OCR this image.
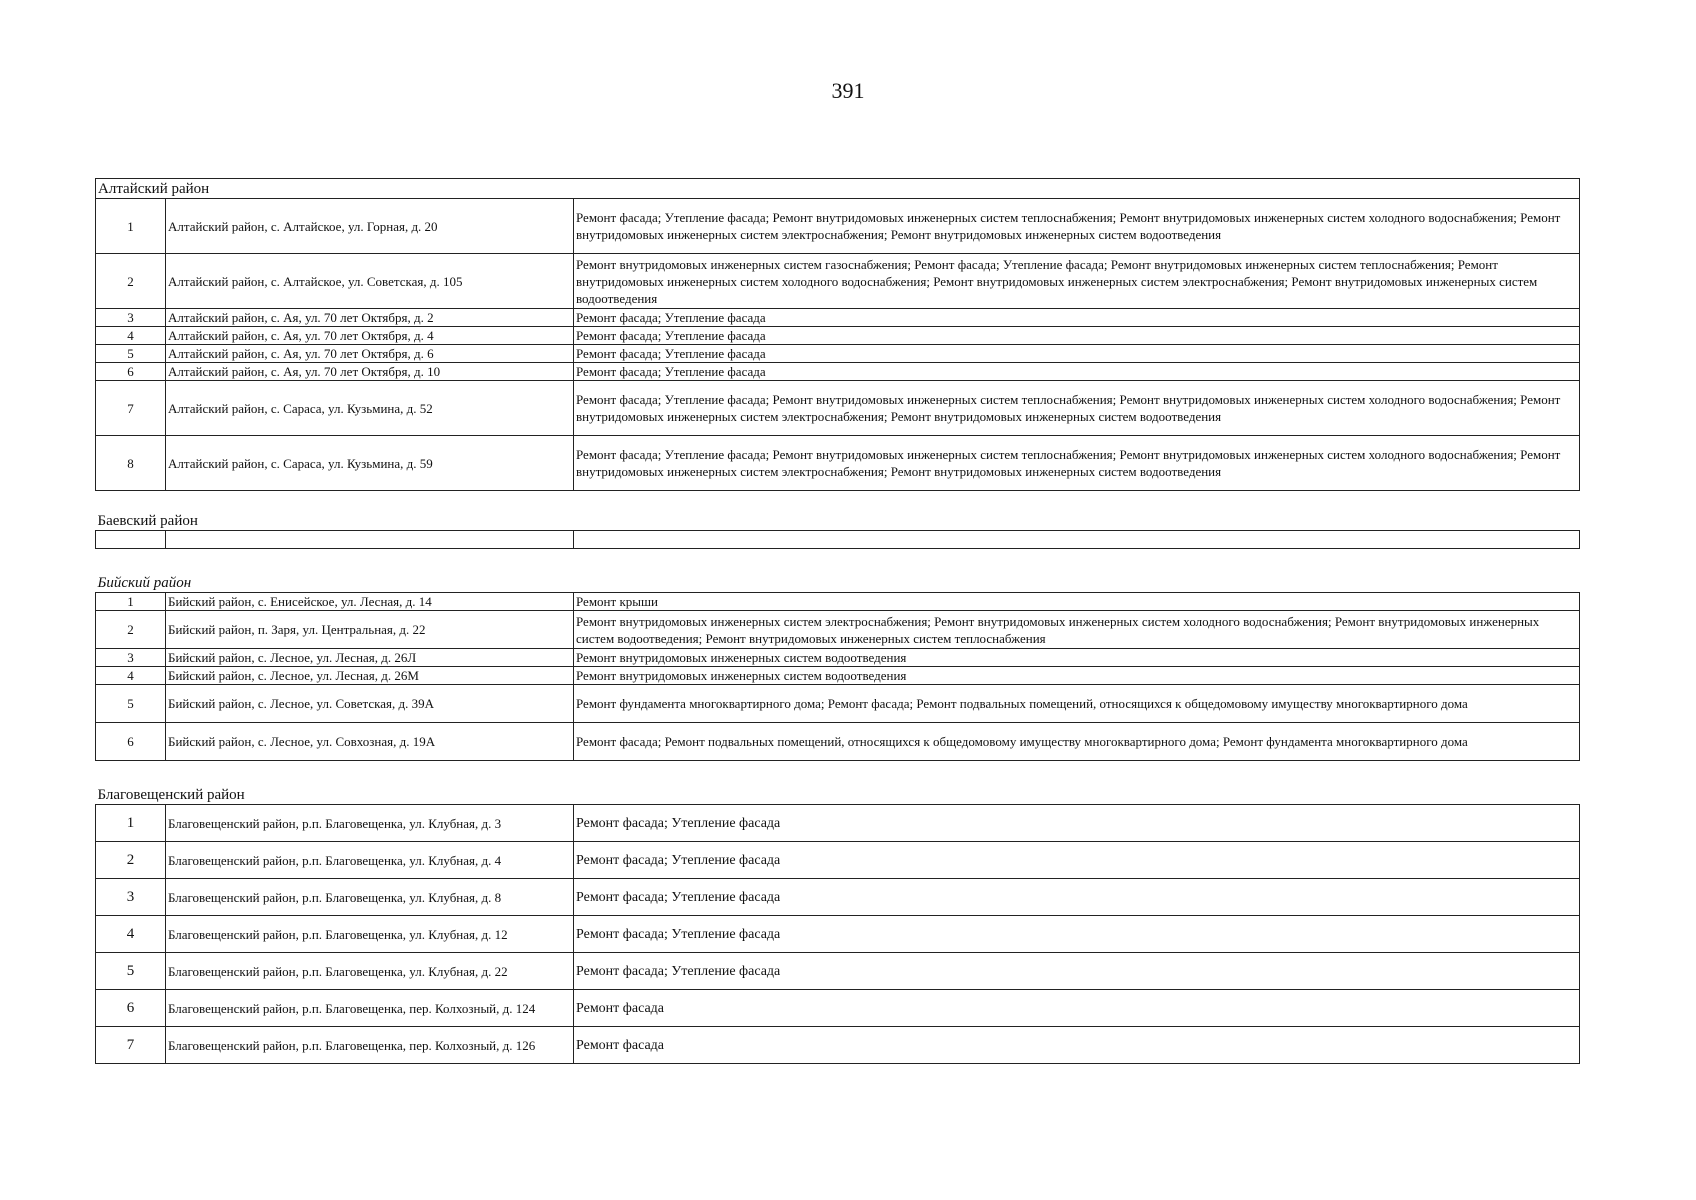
391
Алтайский район		
1	Алтайский район, с. Алтайское, ул. Горная, д. 20	Ремонт фасада; Утепление фасада; Ремонт внутридомовых инженерных систем теплоснабжения; Ремонт внутридомовых инженерных систем холодного водоснабжения; Ремонт внутридомовых инженерных систем электроснабжения; Ремонт внутридомовых инженерных систем водоотведения
2	Алтайский район, с. Алтайское, ул. Советская, д. 105	Ремонт внутридомовых инженерных систем газоснабжения; Ремонт фасада; Утепление фасада; Ремонт внутридомовых инженерных систем теплоснабжения; Ремонт внутридомовых инженерных систем холодного водоснабжения; Ремонт внутридомовых инженерных систем электроснабжения; Ремонт внутридомовых инженерных систем водоотведения
3	Алтайский район, с. Ая, ул. 70 лет Октября, д. 2	Ремонт фасада; Утепление фасада
4	Алтайский район, с. Ая, ул. 70 лет Октября, д. 4	Ремонт фасада; Утепление фасада
5	Алтайский район, с. Ая, ул. 70 лет Октября, д. 6	Ремонт фасада; Утепление фасада
6	Алтайский район, с. Ая, ул. 70 лет Октября, д. 10	Ремонт фасада; Утепление фасада
7	Алтайский район, с. Сараса, ул. Кузьмина, д. 52	Ремонт фасада; Утепление фасада; Ремонт внутридомовых инженерных систем теплоснабжения; Ремонт внутридомовых инженерных систем холодного водоснабжения; Ремонт внутридомовых инженерных систем электроснабжения; Ремонт внутридомовых инженерных систем водоотведения
8	Алтайский район, с. Сараса, ул. Кузьмина, д. 59	Ремонт фасада; Утепление фасада; Ремонт внутридомовых инженерных систем теплоснабжения; Ремонт внутридомовых инженерных систем холодного водоснабжения; Ремонт внутридомовых инженерных систем электроснабжения; Ремонт внутридомовых инженерных систем водоотведения
Баевский район		

Бийский район		
1	Бийский район, с. Енисейское, ул. Лесная, д. 14	Ремонт крыши
2	Бийский район, п. Заря, ул. Центральная, д. 22	Ремонт внутридомовых инженерных систем электроснабжения; Ремонт внутридомовых инженерных систем холодного водоснабжения; Ремонт внутридомовых инженерных систем водоотведения; Ремонт внутридомовых инженерных систем теплоснабжения
3	Бийский район, с. Лесное, ул. Лесная, д. 26Л	Ремонт внутридомовых инженерных систем водоотведения
4	Бийский район, с. Лесное, ул. Лесная, д. 26М	Ремонт внутридомовых инженерных систем водоотведения
5	Бийский район, с. Лесное, ул. Советская, д. 39А	Ремонт фундамента многоквартирного дома; Ремонт фасада; Ремонт подвальных помещений, относящихся к общедомовому имуществу многоквартирного дома
6	Бийский район, с. Лесное, ул. Совхозная, д. 19А	Ремонт фасада; Ремонт подвальных помещений, относящихся к общедомовому имуществу многоквартирного дома; Ремонт фундамента многоквартирного дома
Благовещенский район		
1	Благовещенский район, р.п. Благовещенка, ул. Клубная, д. 3	Ремонт фасада; Утепление фасада
2	Благовещенский район, р.п. Благовещенка, ул. Клубная, д. 4	Ремонт фасада; Утепление фасада
3	Благовещенский район, р.п. Благовещенка, ул. Клубная, д. 8	Ремонт фасада; Утепление фасада
4	Благовещенский район, р.п. Благовещенка, ул. Клубная, д. 12	Ремонт фасада; Утепление фасада
5	Благовещенский район, р.п. Благовещенка, ул. Клубная, д. 22	Ремонт фасада; Утепление фасада
6	Благовещенский район, р.п. Благовещенка, пер. Колхозный, д. 124	Ремонт фасада
7	Благовещенский район, р.п. Благовещенка, пер. Колхозный, д. 126	Ремонт фасада
